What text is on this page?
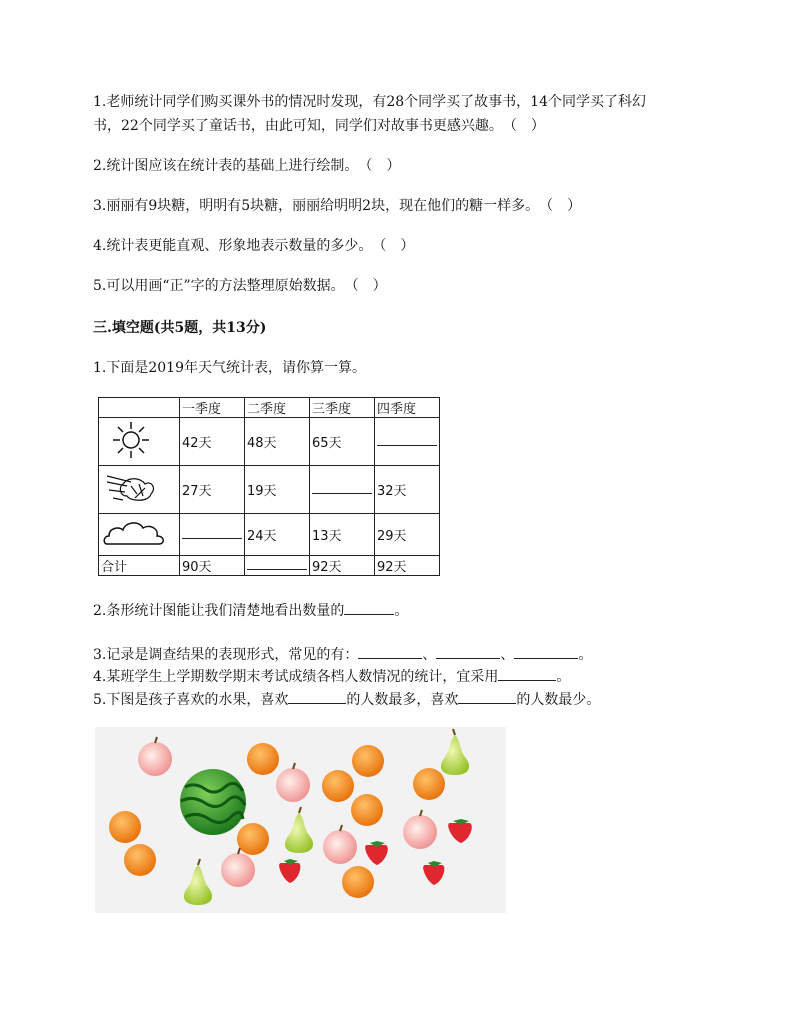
1.老师统计同学们购买课外书的情况时发现，有28个同学买了故事书，14个同学买了科幻
书，22个同学买了童话书，由此可知，同学们对故事书更感兴趣。　（　）
2.统计图应该在统计表的基础上进行绘制。　（　）
3.丽丽有9块糖，明明有5块糖，丽丽给明明2块，现在他们的糖一样多。　（　）
4.统计表更能直观、形象地表示数量的多少。　（　）
5.可以用画“正”字的方法整理原始数据。　（　）
三.填空题(共5题，共13分)
1.下面是2019年天气统计表，请你算一算。
	一季度	二季度	三季度	四季度
	42天	48天	65天	
	27天	19天		32天
		24天	13天	29天
合计	90天		92天	92天
2.条形统计图能让我们清楚地看出数量的	。
3.记录是调查结果的表现形式，常见的有：	、	、	。
4.某班学生上学期数学期末考试成绩各档人数情况的统计，宜采用	。
5.下图是孩子喜欢的水果，喜欢	的人数最多，喜欢	的人数最少。
